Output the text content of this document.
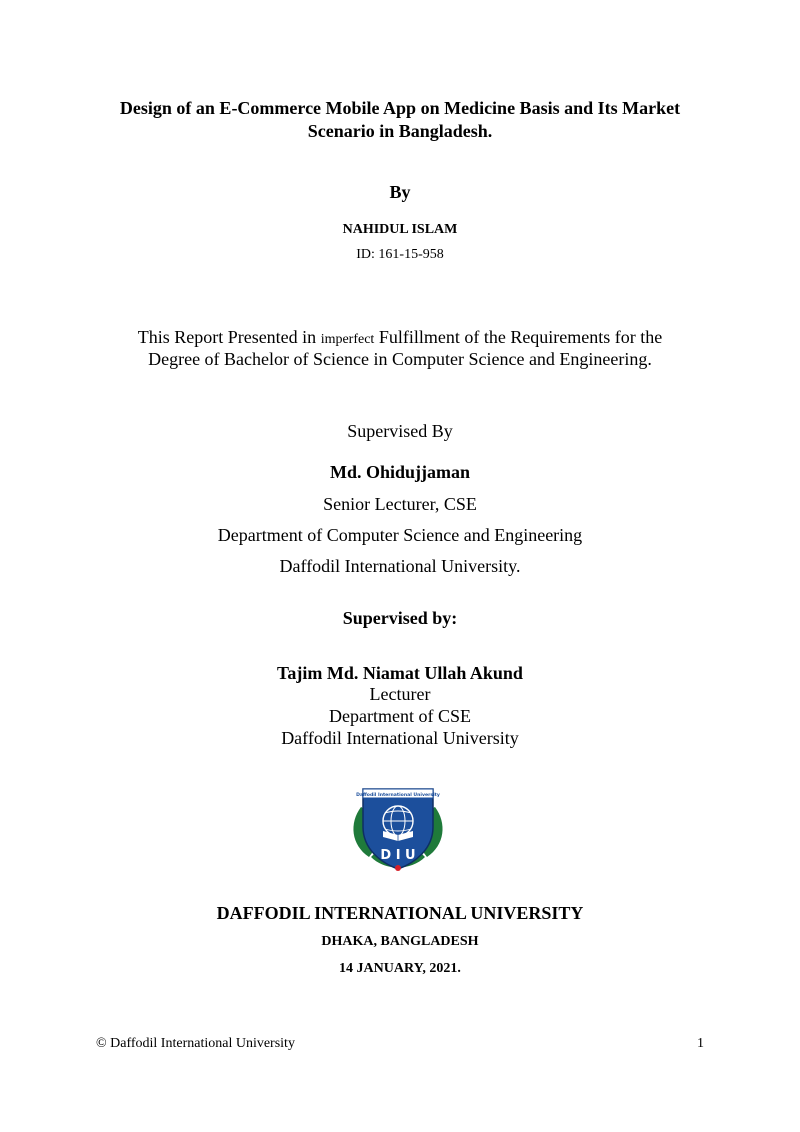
Design of an E-Commerce Mobile App on Medicine Basis and Its Market

Scenario in Bangladesh.

By

NAHIDUL ISLAM

ID: 161-15-958

This Report Presented in imperfect Fulfillment of the Requirements for the

Degree of Bachelor of Science in Computer Science and Engineering.

Supervised By

Md. Ohidujjaman

Senior Lecturer, CSE

Department of Computer Science and Engineering

Daffodil International University.

Supervised by:

Tajim Md. Niamat Ullah Akund

Lecturer

Department of CSE

Daffodil International University

Daffodil International University
D I U

DAFFODIL INTERNATIONAL UNIVERSITY

DHAKA, BANGLADESH

14 JANUARY, 2021.

© Daffodil International University	1
